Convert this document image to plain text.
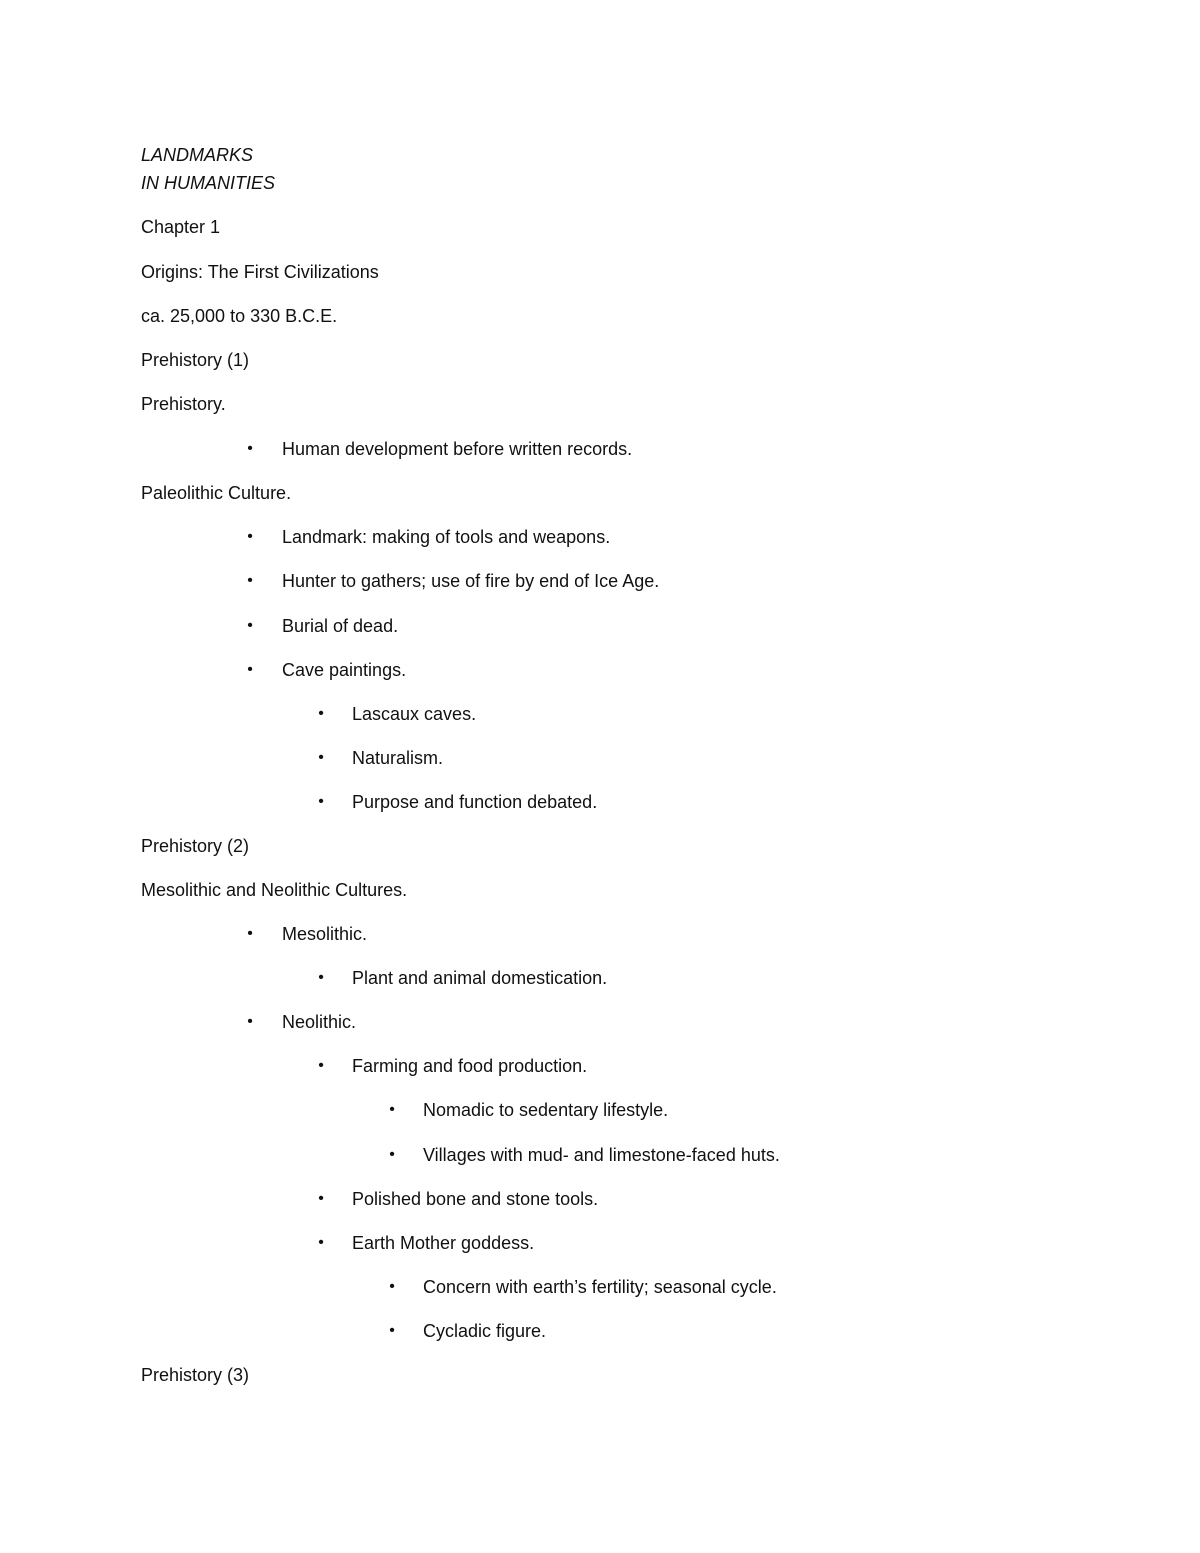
LANDMARKS
IN HUMANITIES
Chapter 1
Origins: The First Civilizations
ca. 25,000 to 330 B.C.E.
Prehistory (1)
Prehistory.
• Human development before written records.
Paleolithic Culture.
• Landmark: making of tools and weapons.
• Hunter to gathers; use of fire by end of Ice Age.
• Burial of dead.
• Cave paintings.
• Lascaux caves.
• Naturalism.
• Purpose and function debated.
Prehistory (2)
Mesolithic and Neolithic Cultures.
• Mesolithic.
• Plant and animal domestication.
• Neolithic.
• Farming and food production.
• Nomadic to sedentary lifestyle.
• Villages with mud- and limestone-faced huts.
• Polished bone and stone tools.
• Earth Mother goddess.
• Concern with earth’s fertility; seasonal cycle.
• Cycladic figure.
Prehistory (3)
